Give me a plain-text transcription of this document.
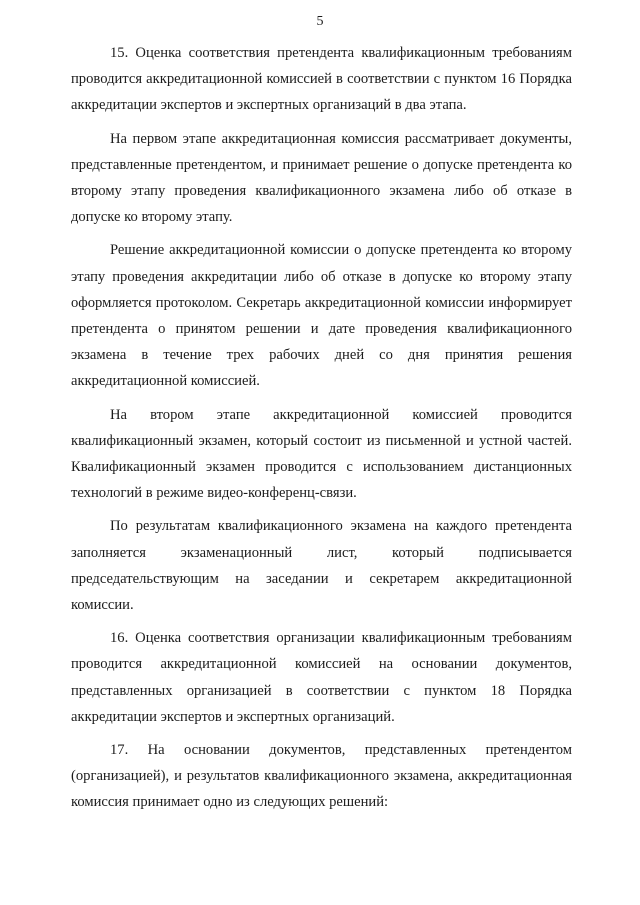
5

15. Оценка соответствия претендента квалификационным требованиям проводится аккредитационной комиссией в соответствии с пунктом 16 Порядка аккредитации экспертов и экспертных организаций в два этапа.

На первом этапе аккредитационная комиссия рассматривает документы, представленные претендентом, и принимает решение о допуске претендента ко второму этапу проведения квалификационного экзамена либо об отказе в допуске ко второму этапу.

Решение аккредитационной комиссии о допуске претендента ко второму этапу проведения аккредитации либо об отказе в допуске ко второму этапу оформляется протоколом. Секретарь аккредитационной комиссии информирует претендента о принятом решении и дате проведения квалификационного экзамена в течение трех рабочих дней со дня принятия решения аккредитационной комиссией.

На втором этапе аккредитационной комиссией проводится квалификационный экзамен, который состоит из письменной и устной частей. Квалификационный экзамен проводится с использованием дистанционных технологий в режиме видео-конференц-связи.

По результатам квалификационного экзамена на каждого претендента заполняется экзаменационный лист, который подписывается председательствующим на заседании и секретарем аккредитационной комиссии.

16. Оценка соответствия организации квалификационным требованиям проводится аккредитационной комиссией на основании документов, представленных организацией в соответствии с пунктом 18 Порядка аккредитации экспертов и экспертных организаций.

17. На основании документов, представленных претендентом (организацией), и результатов квалификационного экзамена, аккредитационная комиссия принимает одно из следующих решений:
